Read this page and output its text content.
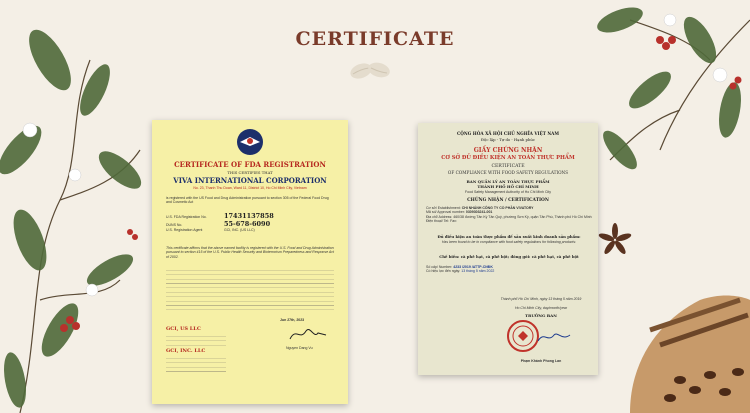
CERTIFICATE
CERTIFICATE OF FDA REGISTRATION
THIS CERTIFIES THAT
VIVA INTERNATIONAL CORPORATION
No. 23, Thanh Thu Doan, Ward 11, District 10, Ho Chi Minh City, Vietnam
is registered with the US Food and Drug Administration pursuant to section 305 of the Federal Food Drug and Cosmetic Act
U.S. FDA Registration No.	17431137858
DUNS No.	55-678-6090
U.S. Registration Agent	GCI, INC. (US LLC)
This certificate affirms that the above named facility is registered with the U.S. Food and Drug Administration pursuant to section 415 of the U.S. Public Health Security and Bioterrorism Preparedness and Response Act of 2002.
Jun 27th, 2023
Nguyen Dang Vu
GCI, US LLC
GCI, INC. LLC
CỘNG HÒA XÃ HỘI CHỦ NGHĨA VIỆT NAM
Độc lập - Tự do - Hạnh phúc
GIẤY CHỨNG NHẬN
CƠ SỞ ĐỦ ĐIỀU KIỆN AN TOÀN THỰC PHẨM
CERTIFICATE
OF COMPLIANCE WITH FOOD SAFETY REGULATIONS
BAN QUẢN LÝ AN TOÀN THỰC PHẨM
THÀNH PHỐ HỒ CHÍ MINH
Food Safety Management Authority of Ho Chi Minh City
CHỨNG NHẬN / CERTIFICATION
Cơ sở/ Establishment: CHI NHÁNH CÔNG TY CỔ PHẦN VIVATORY
Mã số/ Approval number: 0309303241-001
Địa chỉ/ Address: 460/38 đường Tân Kỳ Tân Quý, phường Sơn Kỳ, quận Tân Phú, Thành phố Hồ Chí Minh
Điện thoại/ Tel: Fax:
Đủ điều kiện an toàn thực phẩm để sản xuất kinh doanh sản phẩm:
Has been found to be in compliance with food safety regulations for following products:
Chế biến: cà phê hạt, cà phê bột; đóng gói: cà phê hạt, cà phê bột
Số cấp/ Number: 4233 /2019 /ATTP-CNĐK
Có hiệu lực đến ngày: 13 tháng 5 năm 2022
Thành phố Hồ Chí Minh, ngày 13 tháng 5 năm 2019
Ho Chi Minh City, day/month/year
TRƯỞNG BAN
Phạm Khánh Phong Lan
